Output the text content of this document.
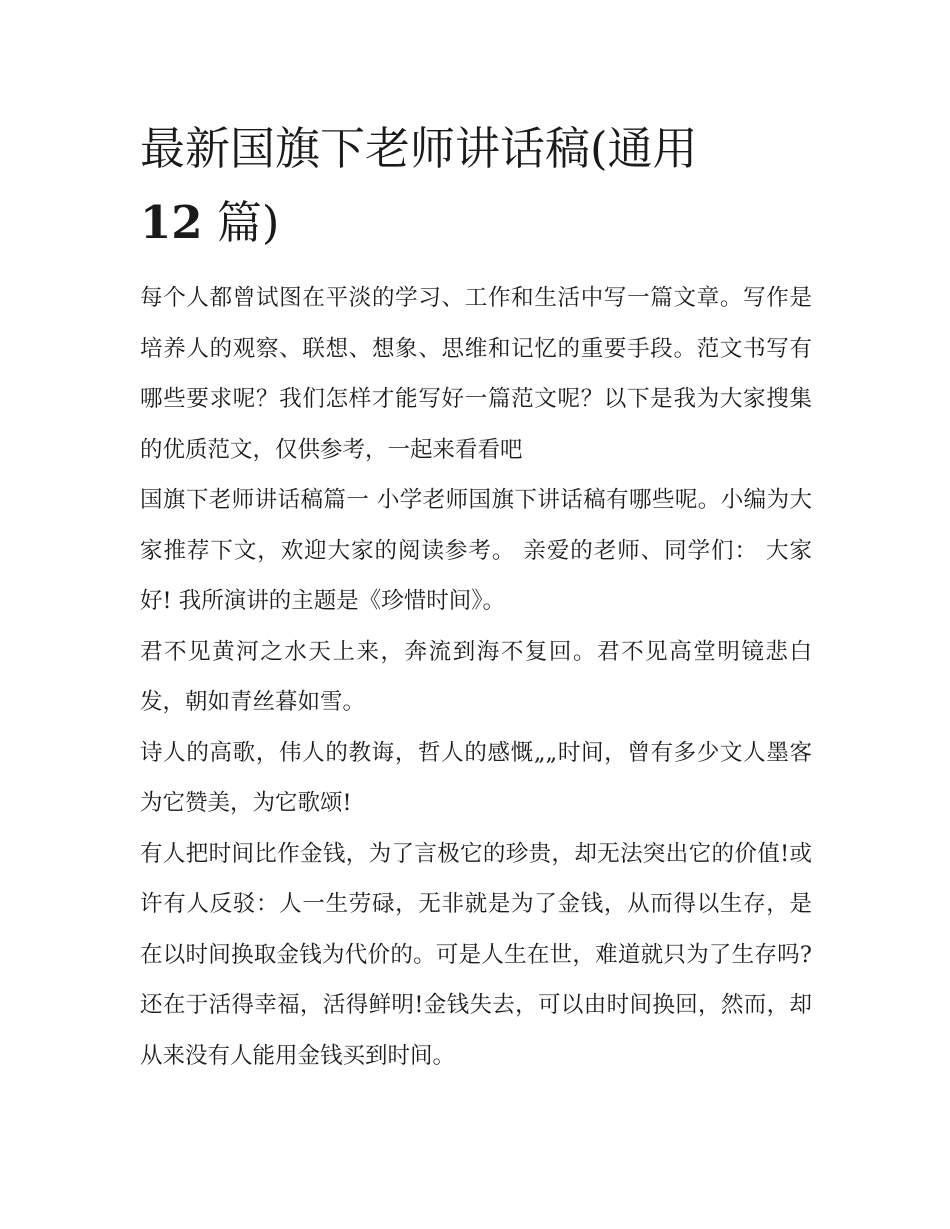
最新国旗下老师讲话稿(通用
12 篇)

每个人都曾试图在平淡的学习、工作和生活中写一篇文章。写作是培养人的观察、联想、想象、思维和记忆的重要手段。范文书写有哪些要求呢？我们怎样才能写好一篇范文呢？以下是我为大家搜集的优质范文，仅供参考，一起来看看吧

国旗下老师讲话稿篇一 小学老师国旗下讲话稿有哪些呢。小编为大家推荐下文，欢迎大家的阅读参考。 亲爱的老师、同学们： 大家好! 我所演讲的主题是《珍惜时间》。

君不见黄河之水天上来，奔流到海不复回。君不见高堂明镜悲白发，朝如青丝暮如雪。

诗人的高歌，伟人的教诲，哲人的感慨„„时间，曾有多少文人墨客为它赞美，为它歌颂!

有人把时间比作金钱，为了言极它的珍贵，却无法突出它的价值!或许有人反驳：人一生劳碌，无非就是为了金钱，从而得以生存，是在以时间换取金钱为代价的。可是人生在世，难道就只为了生存吗?还在于活得幸福，活得鲜明!金钱失去，可以由时间换回，然而，却从来没有人能用金钱买到时间。
